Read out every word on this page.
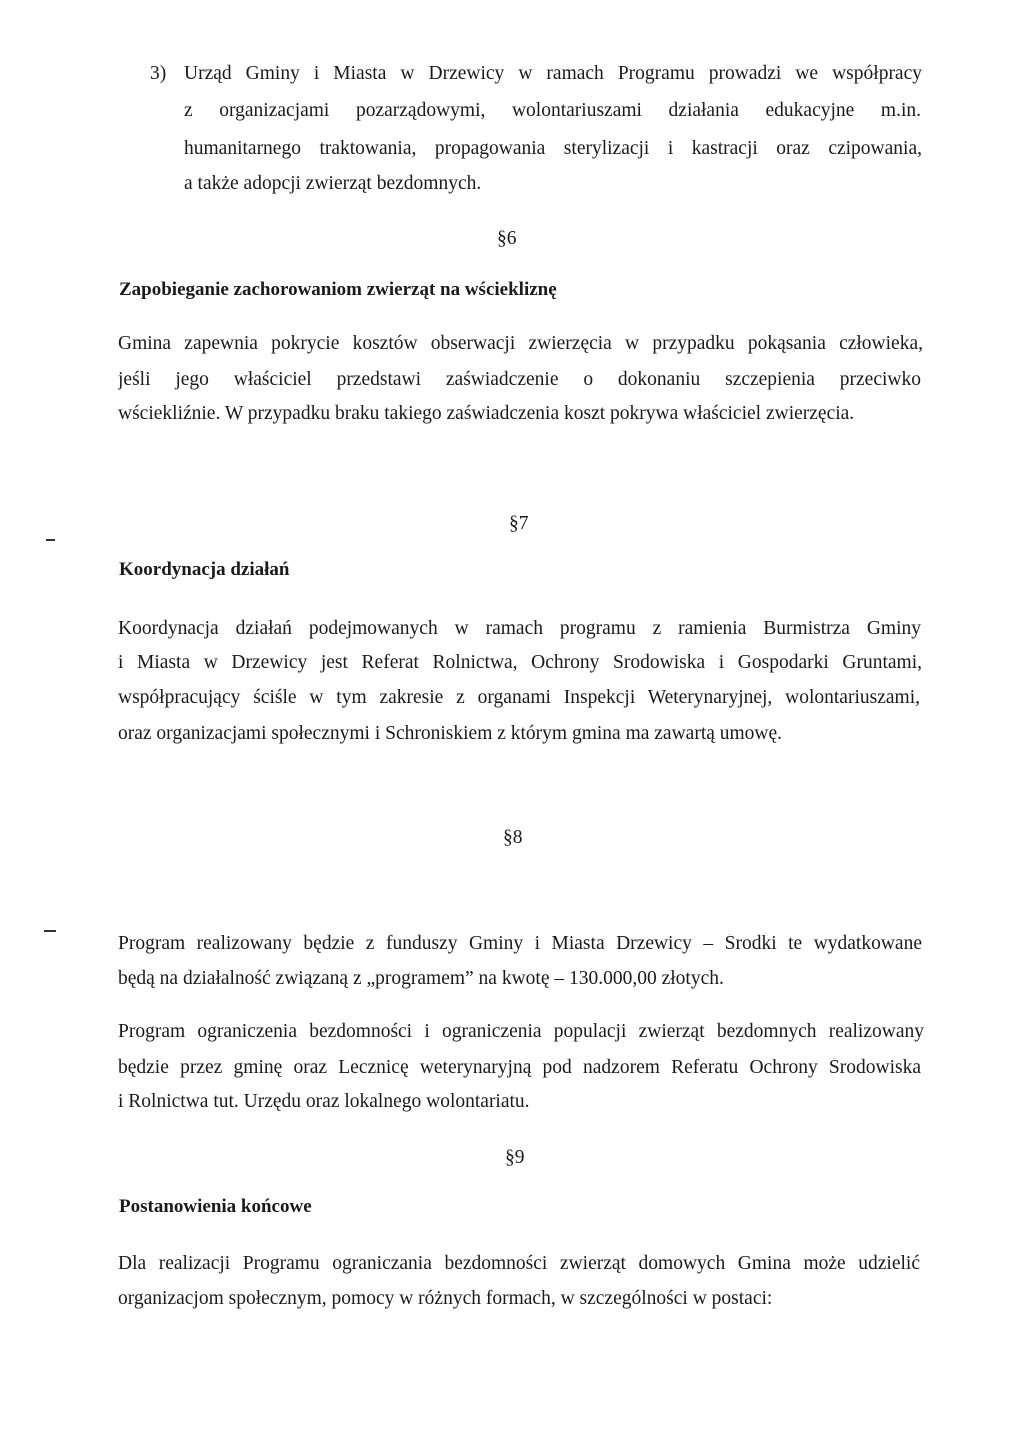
3) Urząd Gminy i Miasta w Drzewicy w ramach Programu prowadzi we współpracy
z organizacjami pozarządowymi, wolontariuszami działania edukacyjne m.in.
humanitarnego traktowania, propagowania sterylizacji i kastracji oraz czipowania,
a także adopcji zwierząt bezdomnych.
§6
Zapobieganie zachorowaniom zwierząt na wściekliznę
Gmina zapewnia pokrycie kosztów obserwacji zwierzęcia w przypadku pokąsania człowieka,
jeśli jego właściciel przedstawi zaświadczenie o dokonaniu szczepienia przeciwko
wściekliźnie. W przypadku braku takiego zaświadczenia koszt pokrywa właściciel zwierzęcia.
§7
Koordynacja działań
Koordynacja działań podejmowanych w ramach programu z ramienia Burmistrza Gminy
i Miasta w Drzewicy jest Referat Rolnictwa, Ochrony Środowiska i Gospodarki Gruntami,
współpracujący ściśle w tym zakresie z organami Inspekcji Weterynaryjnej, wolontariuszami,
oraz organizacjami społecznymi i Schroniskiem z którym gmina ma zawartą umowę.
§8
Program realizowany będzie z funduszy Gminy i Miasta Drzewicy – Środki te wydatkowane
będą na działalność związaną z „programem” na kwotę – 130.000,00 złotych.
Program ograniczenia bezdomności i ograniczenia populacji zwierząt bezdomnych realizowany
będzie przez gminę oraz Lecznicę weterynaryjną pod nadzorem Referatu Ochrony Środowiska
i Rolnictwa tut. Urzędu oraz lokalnego wolontariatu.
§9
Postanowienia końcowe
Dla realizacji Programu ograniczania bezdomności zwierząt domowych Gmina może udzielić
organizacjom społecznym, pomocy w różnych formach, w szczególności w postaci:
